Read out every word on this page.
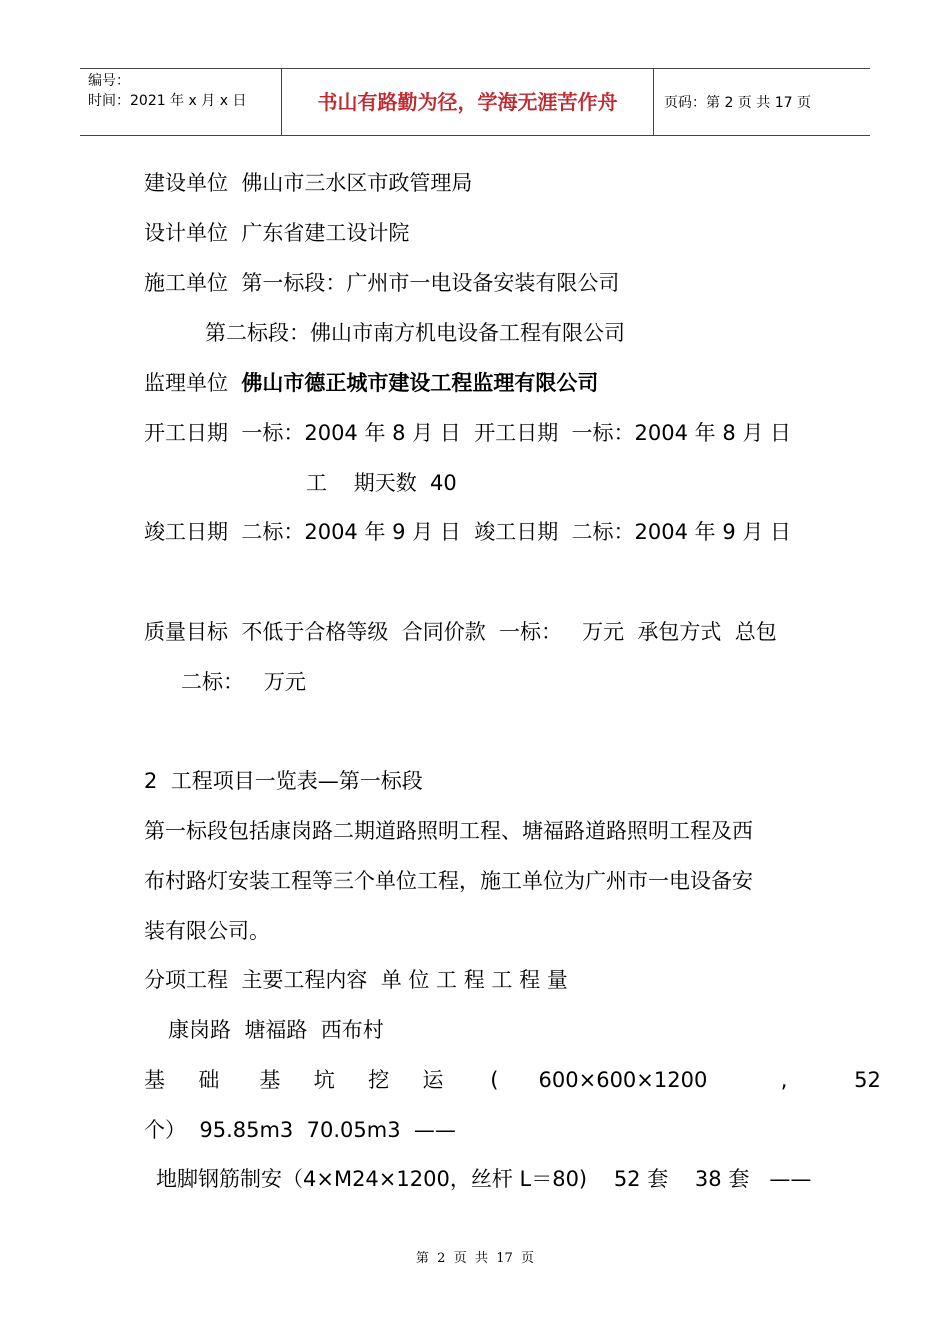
编号：
时间：2021 年 x 月 x 日	书山有路勤为径，学海无涯苦作舟	页码：第 2 页 共 17 页
建设单位  佛山市三水区市政管理局
设计单位  广东省建工设计院
施工单位  第一标段：广州市一电设备安装有限公司
第二标段：佛山市南方机电设备工程有限公司
监理单位  佛山市德正城市建设工程监理有限公司
开工日期  一标：2004 年 8 月 日  开工日期  一标：2004 年 8 月 日
工    期天数  40
竣工日期  二标：2004 年 9 月 日  竣工日期  二标：2004 年 9 月 日
质量目标  不低于合格等级  合同价款  一标：   万元  承包方式  总包
二标：   万元
2  工程项目一览表—第一标段
第一标段包括康岗路二期道路照明工程、塘福路道路照明工程及西
布村路灯安装工程等三个单位工程，施工单位为广州市一电设备安
装有限公司。
分项工程  主要工程内容  单 位 工 程 工 程 量
康岗路  塘福路  西布村
基     础      基     坑     挖     运       (      600×600×1200           ,          52
个）  95.85m3  70.05m3  ——
地脚钢筋制安（4×M24×1200，丝杆 L＝80)    52 套    38 套   ——
第  2  页  共  17  页
